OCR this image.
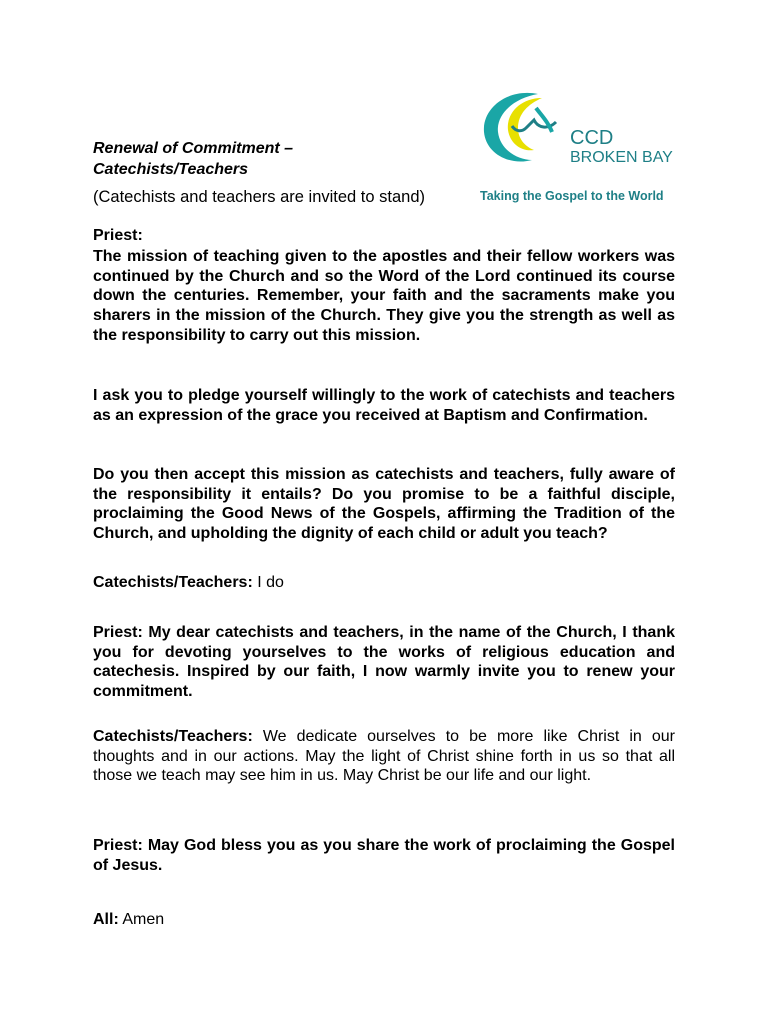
CCD
BROKEN BAY
Taking the Gospel to the World
Renewal of Commitment –
Catechists/Teachers
(Catechists and teachers are invited to stand)
Priest:
The mission of teaching given to the apostles and their fellow workers was continued by the Church and so the Word of the Lord continued its course down the centuries. Remember, your faith and the sacraments make you sharers in the mission of the Church. They give you the strength as well as the responsibility to carry out this mission.
I ask you to pledge yourself willingly to the work of catechists and teachers as an expression of the grace you received at Baptism and Confirmation.
Do you then accept this mission as catechists and teachers, fully aware of the responsibility it entails? Do you promise to be a faithful disciple, proclaiming the Good News of the Gospels, affirming the Tradition of the Church, and upholding the dignity of each child or adult you teach?
Catechists/Teachers: I do
Priest: My dear catechists and teachers, in the name of the Church, I thank you for devoting yourselves to the works of religious education and catechesis. Inspired by our faith, I now warmly invite you to renew your commitment.
Catechists/Teachers: We dedicate ourselves to be more like Christ in our thoughts and in our actions. May the light of Christ shine forth in us so that all those we teach may see him in us. May Christ be our life and our light.
Priest: May God bless you as you share the work of proclaiming the Gospel of Jesus.
All: Amen
